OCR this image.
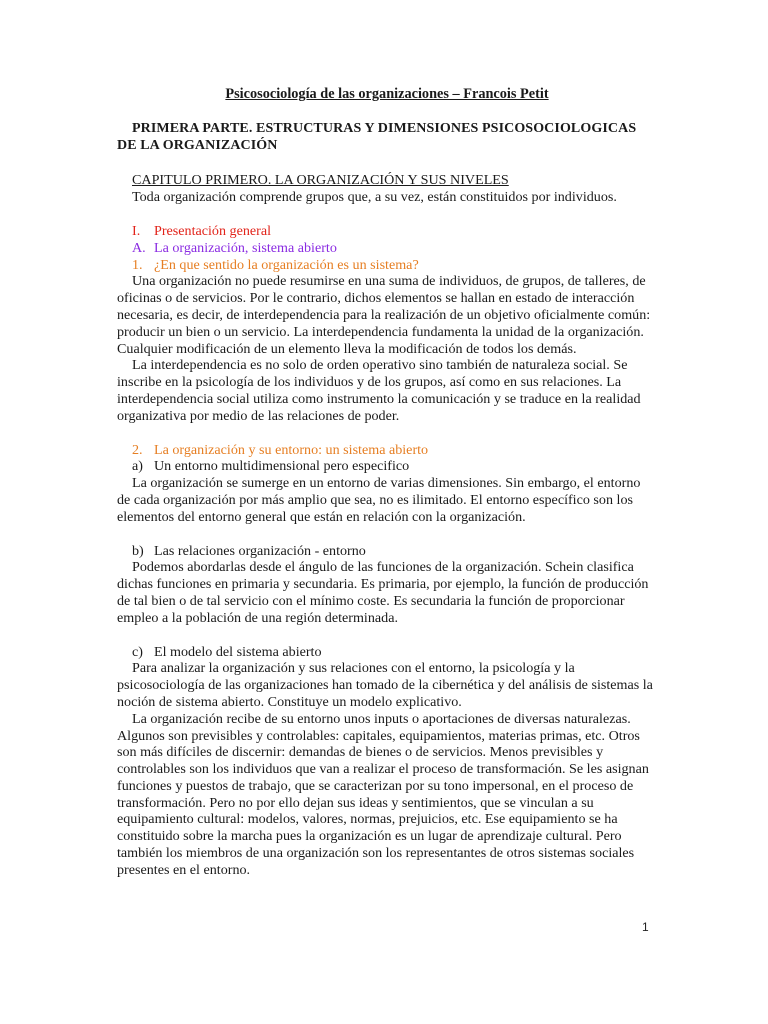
Psicosociología de las organizaciones – Francois Petit
PRIMERA PARTE. ESTRUCTURAS Y DIMENSIONES PSICOSOCIOLOGICAS DE LA ORGANIZACIÓN
CAPITULO PRIMERO. LA ORGANIZACIÓN Y SUS NIVELES
Toda organización comprende grupos que, a su vez, están constituidos por individuos.
I. Presentación general
A. La organización, sistema abierto
1. ¿En que sentido la organización es un sistema?

Una organización no puede resumirse en una suma de individuos, de grupos, de talleres, de oficinas o de servicios. Por le contrario, dichos elementos se hallan en estado de interacción necesaria, es decir, de interdependencia para la realización de un objetivo oficialmente común: producir un bien o un servicio. La interdependencia fundamenta la unidad de la organización. Cualquier modificación de un elemento lleva la modificación de todos los demás.

La interdependencia es no solo de orden operativo sino también de naturaleza social. Se inscribe en la psicología de los individuos y de los grupos, así como en sus relaciones. La interdependencia social utiliza como instrumento la comunicación y se traduce en la realidad organizativa por medio de las relaciones de poder.

2. La organización y su entorno: un sistema abierto
a) Un entorno multidimensional pero especifico

La organización se sumerge en un entorno de varias dimensiones. Sin embargo, el entorno de cada organización por más amplio que sea, no es ilimitado. El entorno específico son los elementos del entorno general que están en relación con la organización.

b) Las relaciones organización - entorno

Podemos abordarlas desde el ángulo de las funciones de la organización. Schein clasifica dichas funciones en primaria y secundaria. Es primaria, por ejemplo, la función de producción de tal bien o de tal servicio con el mínimo coste. Es secundaria la función de proporcionar empleo a la población de una región determinada.

c) El modelo del sistema abierto

Para analizar la organización y sus relaciones con el entorno, la psicología y la psicosociología de las organizaciones han tomado de la cibernética y del análisis de sistemas la noción de sistema abierto. Constituye un modelo explicativo.

La organización recibe de su entorno unos inputs o aportaciones de diversas naturalezas. Algunos son previsibles y controlables: capitales, equipamientos, materias primas, etc. Otros son más difíciles de discernir: demandas de bienes o de servicios. Menos previsibles y controlables son los individuos que van a realizar el proceso de transformación. Se les asignan funciones y puestos de trabajo, que se caracterizan por su tono impersonal, en el proceso de transformación. Pero no por ello dejan sus ideas y sentimientos, que se vinculan a su equipamiento cultural: modelos, valores, normas, prejuicios, etc. Ese equipamiento se ha constituido sobre la marcha pues la organización es un lugar de aprendizaje cultural. Pero también los miembros de una organización son los representantes de otros sistemas sociales presentes en el entorno.

1
